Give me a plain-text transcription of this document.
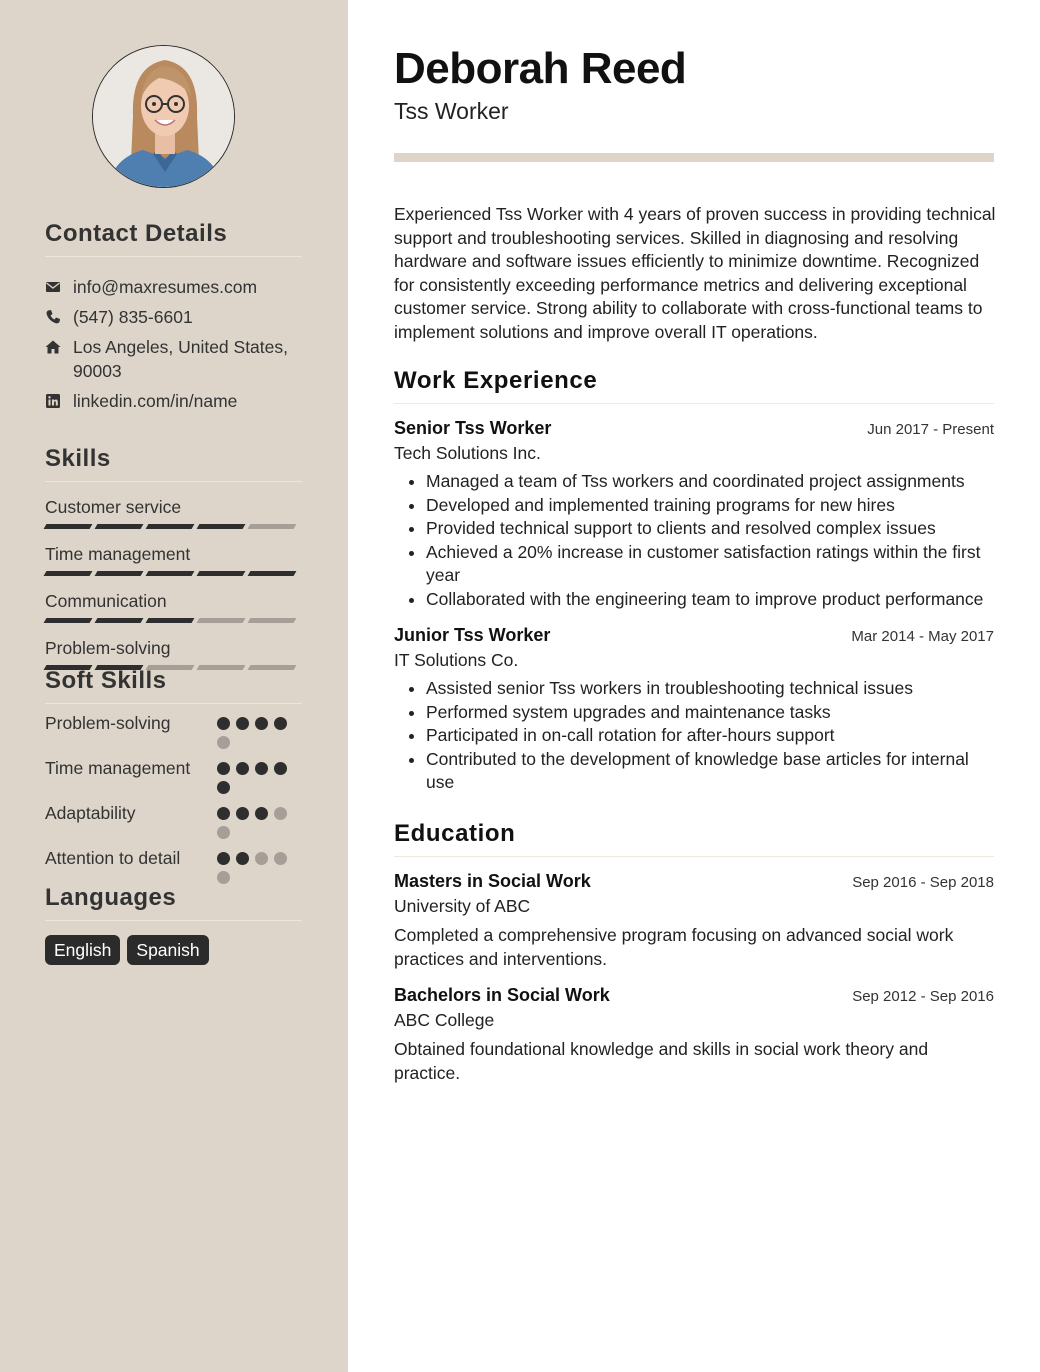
Contact Details
info@maxresumes.com
(547) 835-6601
Los Angeles, United States, 90003
linkedin.com/in/name
Skills
Customer service
Time management
Communication
Problem-solving
Soft Skills
Problem-solving
Time management
Adaptability
Attention to detail
Languages
English	Spanish
Deborah Reed
Tss Worker
Experienced Tss Worker with 4 years of proven success in providing technical support and troubleshooting services. Skilled in diagnosing and resolving hardware and software issues efficiently to minimize downtime. Recognized for consistently exceeding performance metrics and delivering exceptional customer service. Strong ability to collaborate with cross-functional teams to implement solutions and improve overall IT operations.
Work Experience
Senior Tss Worker	Jun 2017 - Present
Tech Solutions Inc.
• Managed a team of Tss workers and coordinated project assignments
• Developed and implemented training programs for new hires
• Provided technical support to clients and resolved complex issues
• Achieved a 20% increase in customer satisfaction ratings within the first year
• Collaborated with the engineering team to improve product performance
Junior Tss Worker	Mar 2014 - May 2017
IT Solutions Co.
• Assisted senior Tss workers in troubleshooting technical issues
• Performed system upgrades and maintenance tasks
• Participated in on-call rotation for after-hours support
• Contributed to the development of knowledge base articles for internal use
Education
Masters in Social Work	Sep 2016 - Sep 2018
University of ABC
Completed a comprehensive program focusing on advanced social work practices and interventions.
Bachelors in Social Work	Sep 2012 - Sep 2016
ABC College
Obtained foundational knowledge and skills in social work theory and practice.
